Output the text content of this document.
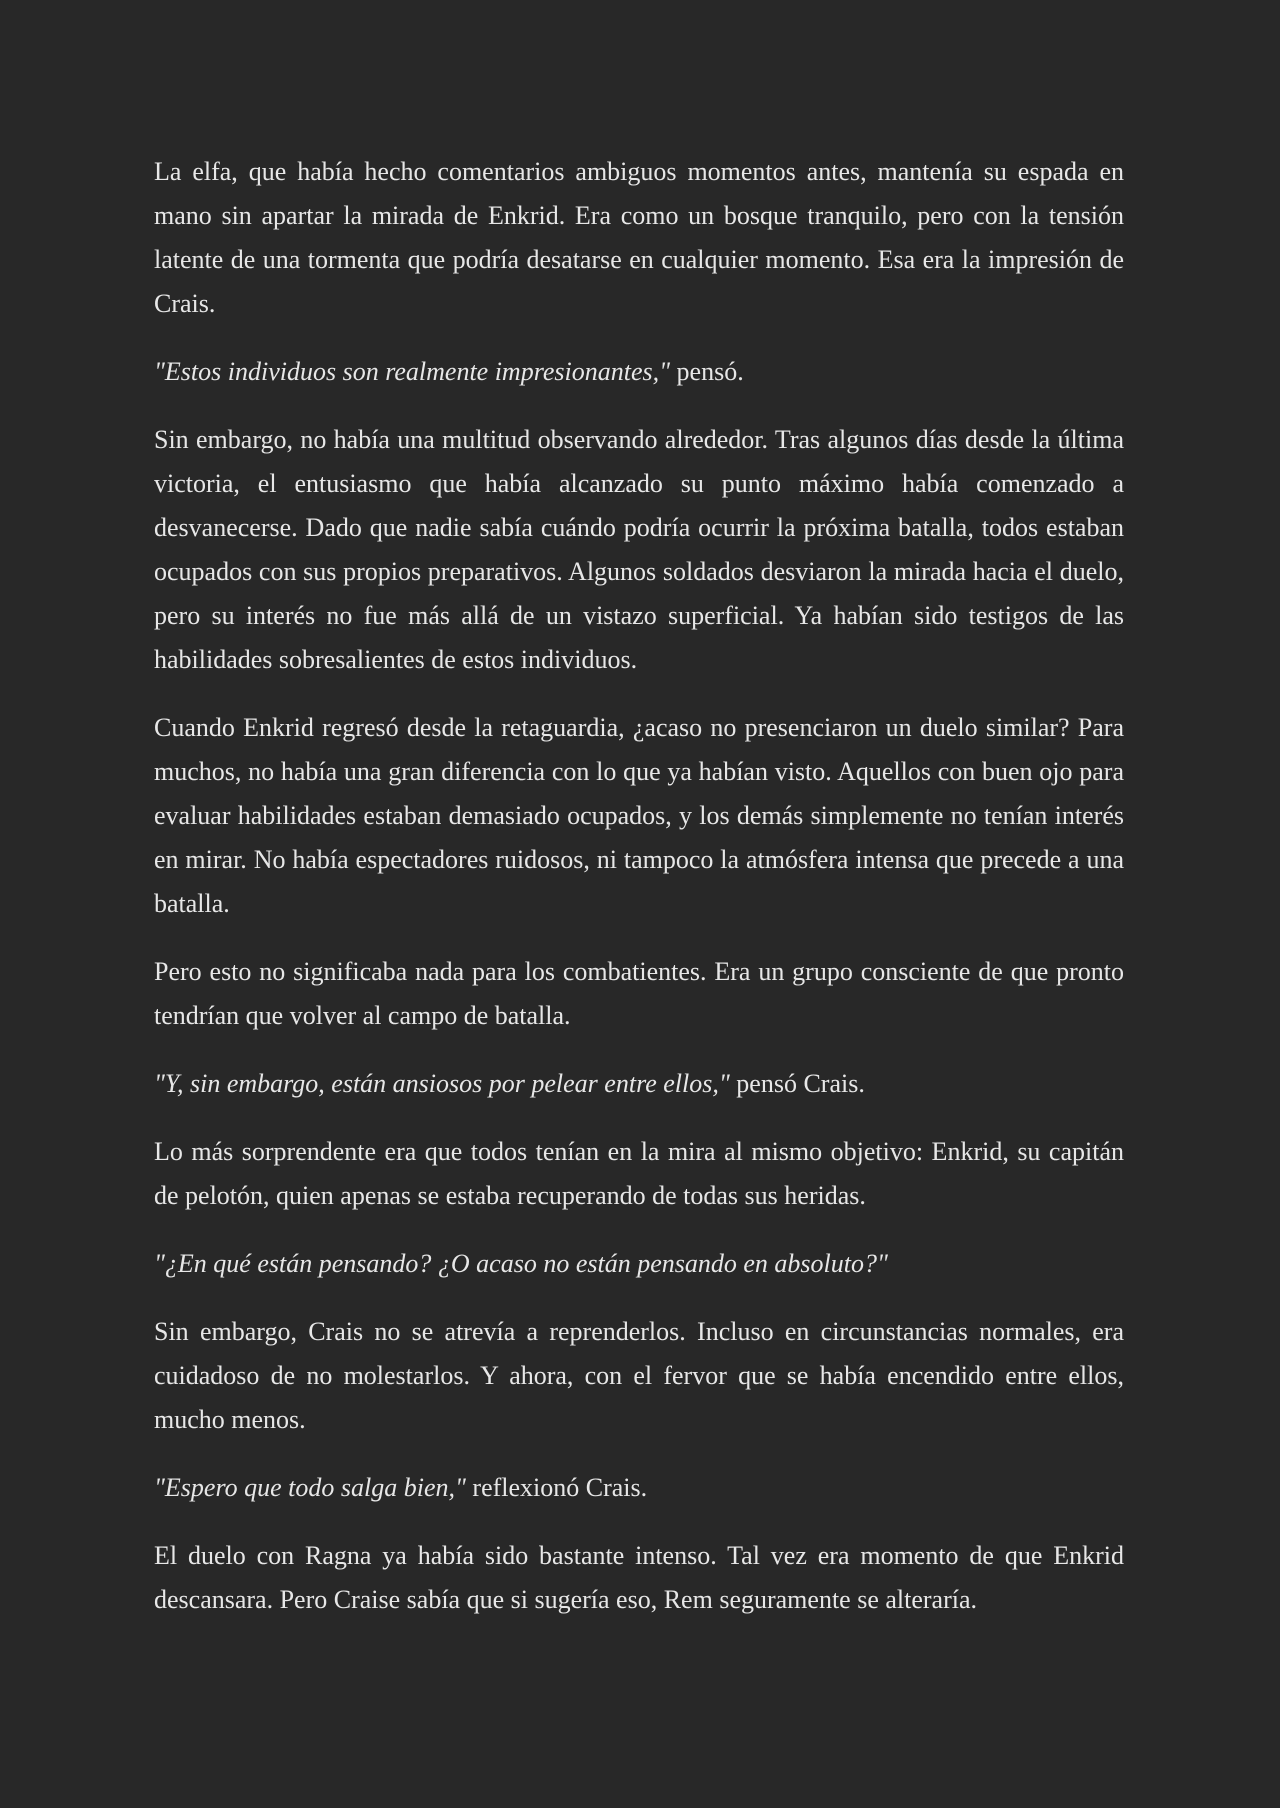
La elfa, que había hecho comentarios ambiguos momentos antes, mantenía su espada en mano sin apartar la mirada de Enkrid. Era como un bosque tranquilo, pero con la tensión latente de una tormenta que podría desatarse en cualquier momento. Esa era la impresión de Crais.

"Estos individuos son realmente impresionantes," pensó.

Sin embargo, no había una multitud observando alrededor. Tras algunos días desde la última victoria, el entusiasmo que había alcanzado su punto máximo había comenzado a desvanecerse. Dado que nadie sabía cuándo podría ocurrir la próxima batalla, todos estaban ocupados con sus propios preparativos. Algunos soldados desviaron la mirada hacia el duelo, pero su interés no fue más allá de un vistazo superficial. Ya habían sido testigos de las habilidades sobresalientes de estos individuos.

Cuando Enkrid regresó desde la retaguardia, ¿acaso no presenciaron un duelo similar? Para muchos, no había una gran diferencia con lo que ya habían visto. Aquellos con buen ojo para evaluar habilidades estaban demasiado ocupados, y los demás simplemente no tenían interés en mirar. No había espectadores ruidosos, ni tampoco la atmósfera intensa que precede a una batalla.

Pero esto no significaba nada para los combatientes. Era un grupo consciente de que pronto tendrían que volver al campo de batalla.

"Y, sin embargo, están ansiosos por pelear entre ellos," pensó Crais.

Lo más sorprendente era que todos tenían en la mira al mismo objetivo: Enkrid, su capitán de pelotón, quien apenas se estaba recuperando de todas sus heridas.

"¿En qué están pensando? ¿O acaso no están pensando en absoluto?"

Sin embargo, Crais no se atrevía a reprenderlos. Incluso en circunstancias normales, era cuidadoso de no molestarlos. Y ahora, con el fervor que se había encendido entre ellos, mucho menos.

"Espero que todo salga bien," reflexionó Crais.

El duelo con Ragna ya había sido bastante intenso. Tal vez era momento de que Enkrid descansara. Pero Craise sabía que si sugería eso, Rem seguramente se alteraría.
